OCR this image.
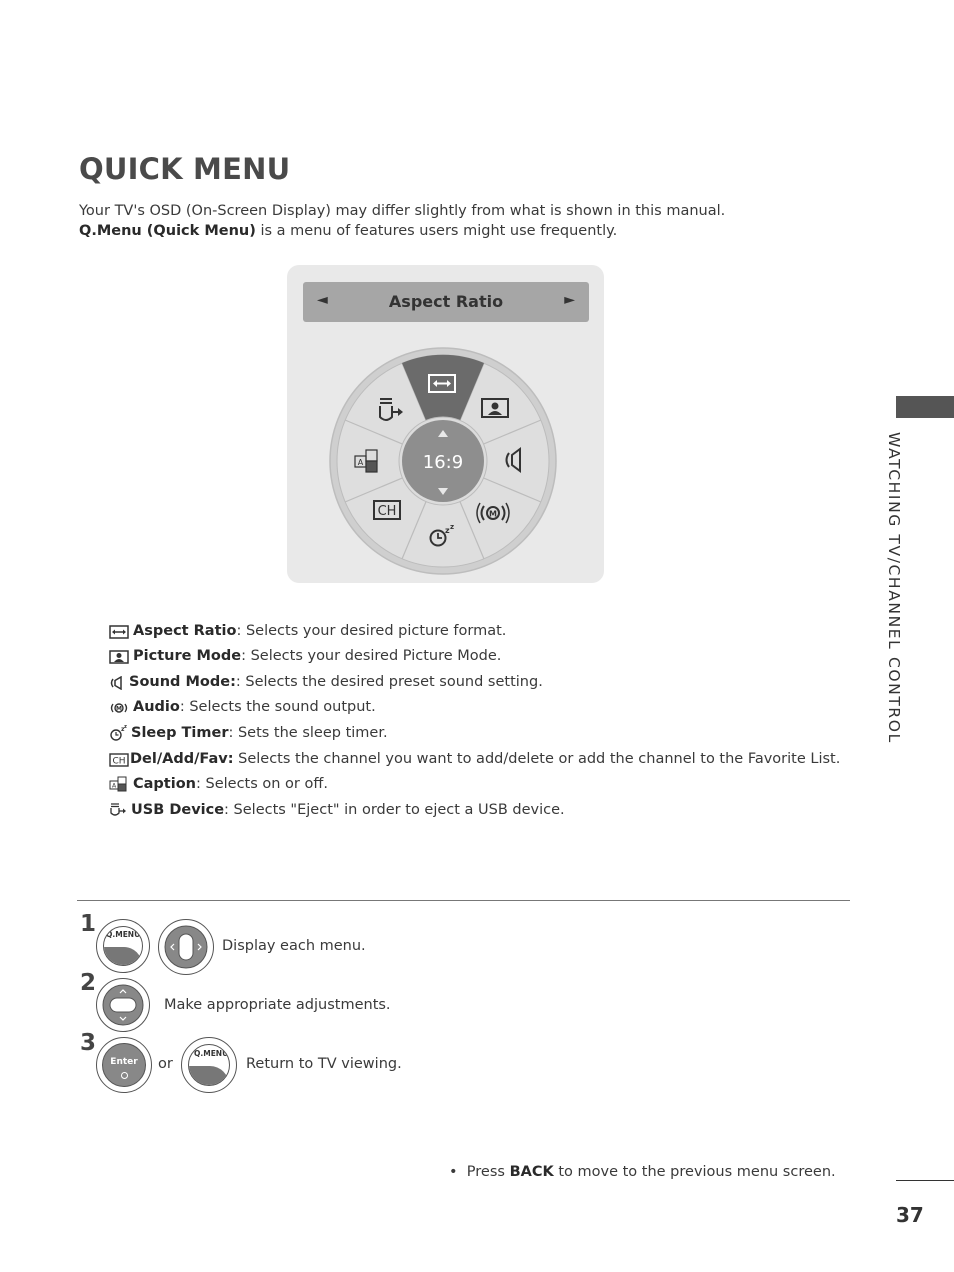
QUICK MENU
Your TV's OSD (On-Screen Display) may differ slightly from what is shown in this manual.
Q.Menu (Quick Menu) is a menu of features users might use frequently.
◄	Aspect Ratio	►
16:9
M
z z
CH
A
Aspect Ratio: Selects your desired picture format.
Picture Mode: Selects your desired Picture Mode.
Sound Mode:: Selects the desired preset sound setting.
M Audio: Selects the sound output.
z z Sleep Timer: Sets the sleep timer.
CH Del/Add/Fav: Selects the channel you want to add/delete or add the channel to the Favorite List.
A Caption: Selects on or off.
USB Device: Selects "Eject" in order to eject a USB device.
1 Q.MENU
Display each menu.
2
Make appropriate adjustments.
3
Enter	or
Q.MENU
Return to TV viewing.
• Press BACK to move to the previous menu screen.
WATCHING TV/CHANNEL CONTROL
37
